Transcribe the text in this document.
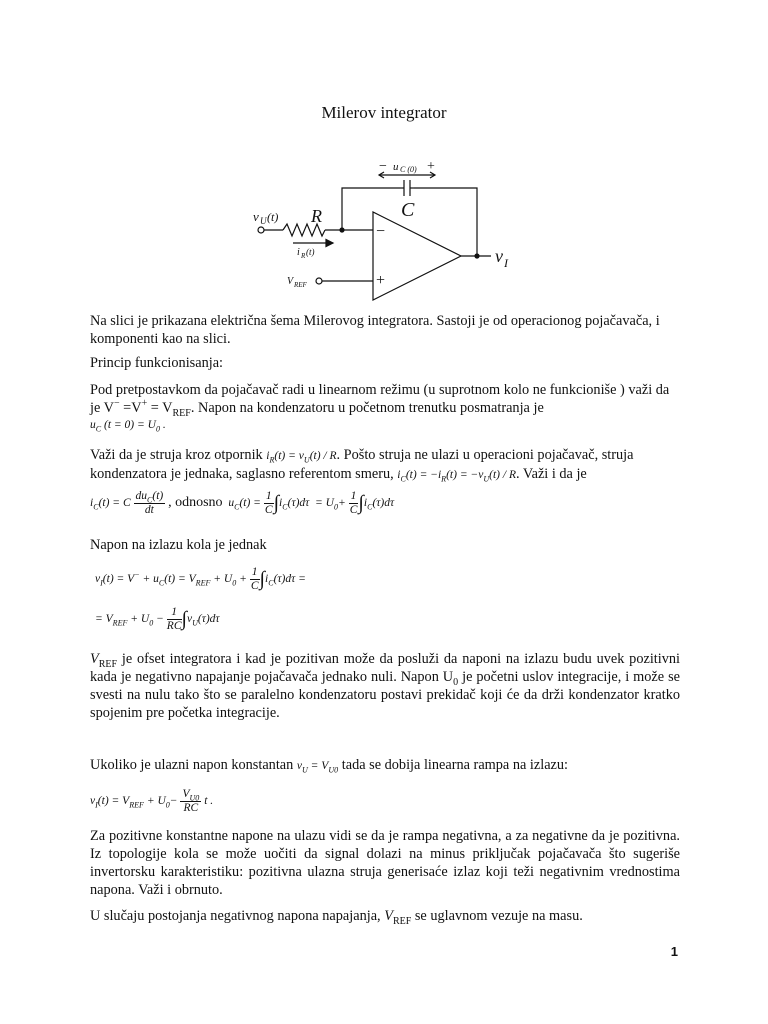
Milerov integrator
− u C (0) +
C
R
v U (t)
i R (t)
V REF
−
+
v I
Na slici je prikazana električna šema Milerovog integratora. Sastoji je od operacionog pojačavača, i komponenti kao na slici.
Princip funkcionisanja:
Pod pretpostavkom da pojačavač radi u linearnom režimu (u suprotnom kolo ne funkcioniše ) važi da je $V^- =V^+ = V_{REF}$. Napon na kondenzatoru u početnom trenutku posmatranja je
$u_C$ $(t = 0) = U_0$ .
Važi da je struja kroz otpornik $i_R(t) = v_U(t) / R$. Pošto struja ne ulazi u operacioni pojačavač, struja kondenzatora je jednaka, saglasno referentom smeru, $i_C(t) = -i_R(t) = -v_U(t) / R$. Važi i da je
$i_C(t) = C \frac{du_C(t)}{dt}$ , odnosno $u_C(t) = \frac{1}{C} \int i_C(\tau)d\tau = U_0+ \frac{1}{C} \int i_C(\tau)d\tau$
Napon na izlazu kola je jednak
$v_I(t) = V^- + u_C(t) = V_{REF} + U_0 + \frac{1}{C} \int i_C(\tau)d\tau$ =
= $V_{REF} + U_0 - \frac{1}{RC} \int v_U(\tau)d\tau$
$V_{REF}$ je ofset integratora i kad je pozitivan može da posluži da naponi na izlazu budu uvek pozitivni kada je negativno napajanje pojačavača jednako nuli. Napon $U_0$ je početni uslov integracije, i može se svesti na nulu tako što se paralelno kondenzatoru postavi prekidač koji će da drži kondenzator kratko spojenim pre početka integracije.
Ukoliko je ulazni napon konstantan $v_U = V_{U0}$ tada se dobija linearna rampa na izlazu:
$v_I(t) = V_{REF} + U_0- \frac{V_{U0}}{RC}$ t .
Za pozitivne konstantne napone na ulazu vidi se da je rampa negativna, a za negativne da je pozitivna. Iz topologije kola se može uočiti da signal dolazi na minus priključak pojačavača što sugeriše invertorsku karakteristiku: pozitivna ulazna struja generisaće izlaz koji teži negativnim vrednostima napona. Važi i obrnuto.
U slučaju postojanja negativnog napona napajanja, $V_{REF}$ se uglavnom vezuje na masu.
1
